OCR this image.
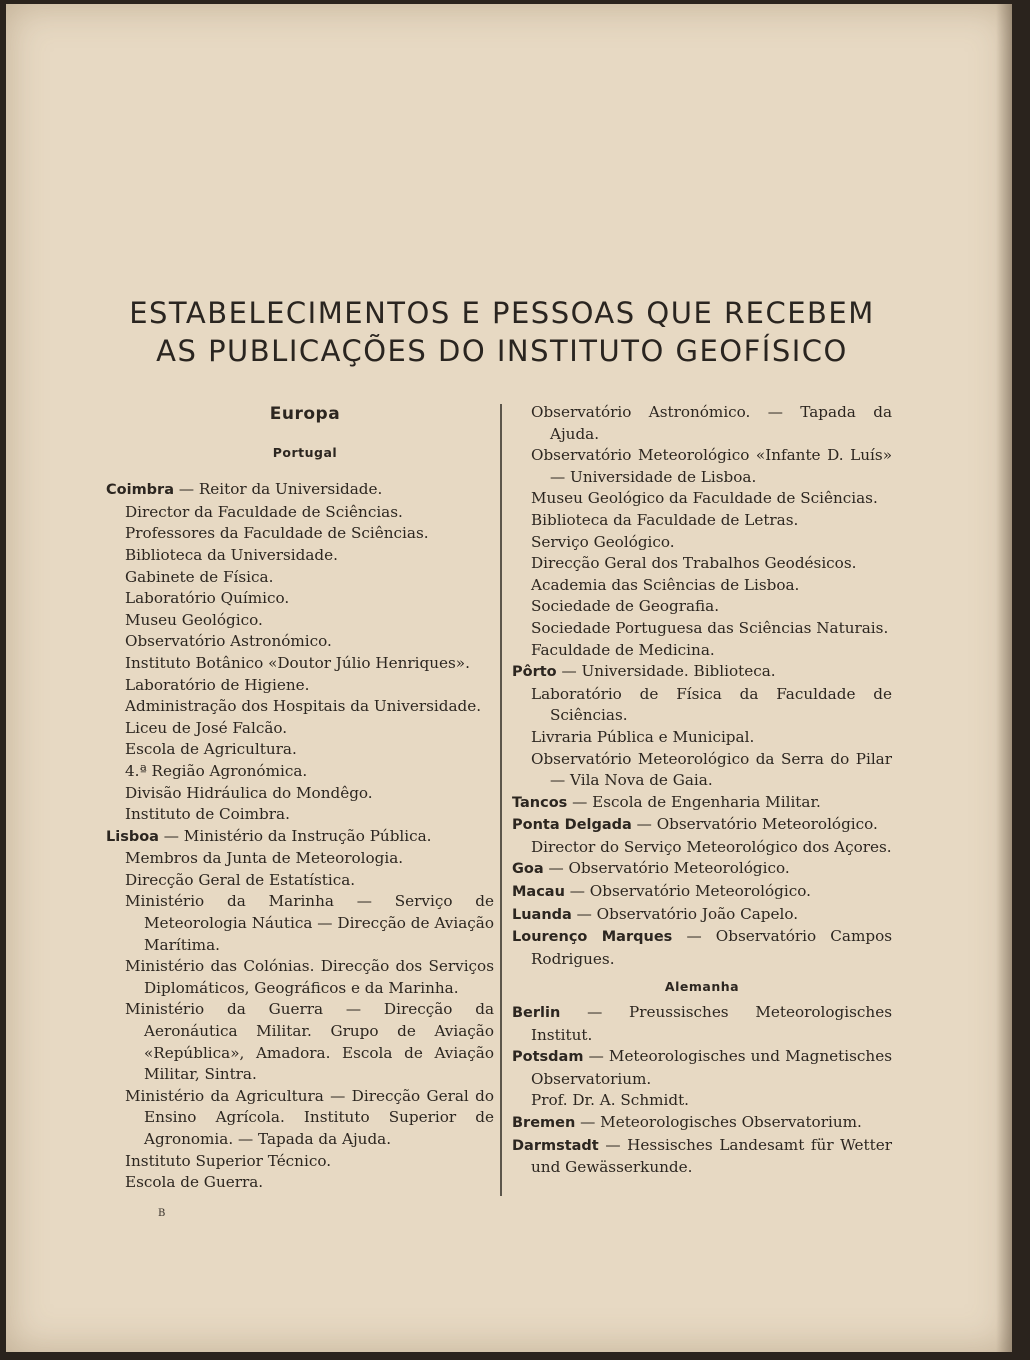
ESTABELECIMENTOS E PESSOAS QUE RECEBEM
AS PUBLICAÇÕES DO INSTITUTO GEOFÍSICO

Europa

Portugal

Coimbra — Reitor da Universidade.

Director da Faculdade de Sciências.

Professores da Faculdade de Sciências.

Biblioteca da Universidade.

Gabinete de Física.

Laboratório Químico.

Museu Geológico.

Observatório Astronómico.

Instituto Botânico «Doutor Júlio Henriques».

Laboratório de Higiene.

Administração dos Hospitais da Universidade.

Liceu de José Falcão.

Escola de Agricultura.

4.ª Região Agronómica.

Divisão Hidráulica do Mondêgo.

Instituto de Coimbra.

Lisboa — Ministério da Instrução Pública.

Membros da Junta de Meteorologia.

Direcção Geral de Estatística.

Ministério da Marinha — Serviço de Meteorologia Náutica — Direcção de Aviação Marítima.

Ministério das Colónias. Direcção dos Serviços Diplomáticos, Geográficos e da Marinha.

Ministério da Guerra — Direcção da Aeronáutica Militar. Grupo de Aviação «República», Amadora. Escola de Aviação Militar, Sintra.

Ministério da Agricultura — Direcção Geral do Ensino Agrícola. Instituto Superior de Agronomia. — Tapada da Ajuda.

Instituto Superior Técnico.

Escola de Guerra.

Observatório Astronómico. — Tapada da Ajuda.

Observatório Meteorológico «Infante D. Luís» — Universidade de Lisboa.

Museu Geológico da Faculdade de Sciências.

Biblioteca da Faculdade de Letras.

Serviço Geológico.

Direcção Geral dos Trabalhos Geodésicos.

Academia das Sciências de Lisboa.

Sociedade de Geografia.

Sociedade Portuguesa das Sciências Naturais.

Faculdade de Medicina.

Pôrto — Universidade. Biblioteca.

Laboratório de Física da Faculdade de Sciências.

Livraria Pública e Municipal.

Observatório Meteorológico da Serra do Pilar — Vila Nova de Gaia.

Tancos — Escola de Engenharia Militar.

Ponta Delgada — Observatório Meteorológico.

Director do Serviço Meteorológico dos Açores.

Goa — Observatório Meteorológico.

Macau — Observatório Meteorológico.

Luanda — Observatório João Capelo.

Lourenço Marques — Observatório Campos Rodrigues.

Alemanha

Berlin — Preussisches Meteorologisches Institut.

Potsdam — Meteorologisches und Magnetisches Observatorium.

Prof. Dr. A. Schmidt.

Bremen — Meteorologisches Observatorium.

Darmstadt — Hessisches Landesamt für Wetter und Gewässerkunde.

B
